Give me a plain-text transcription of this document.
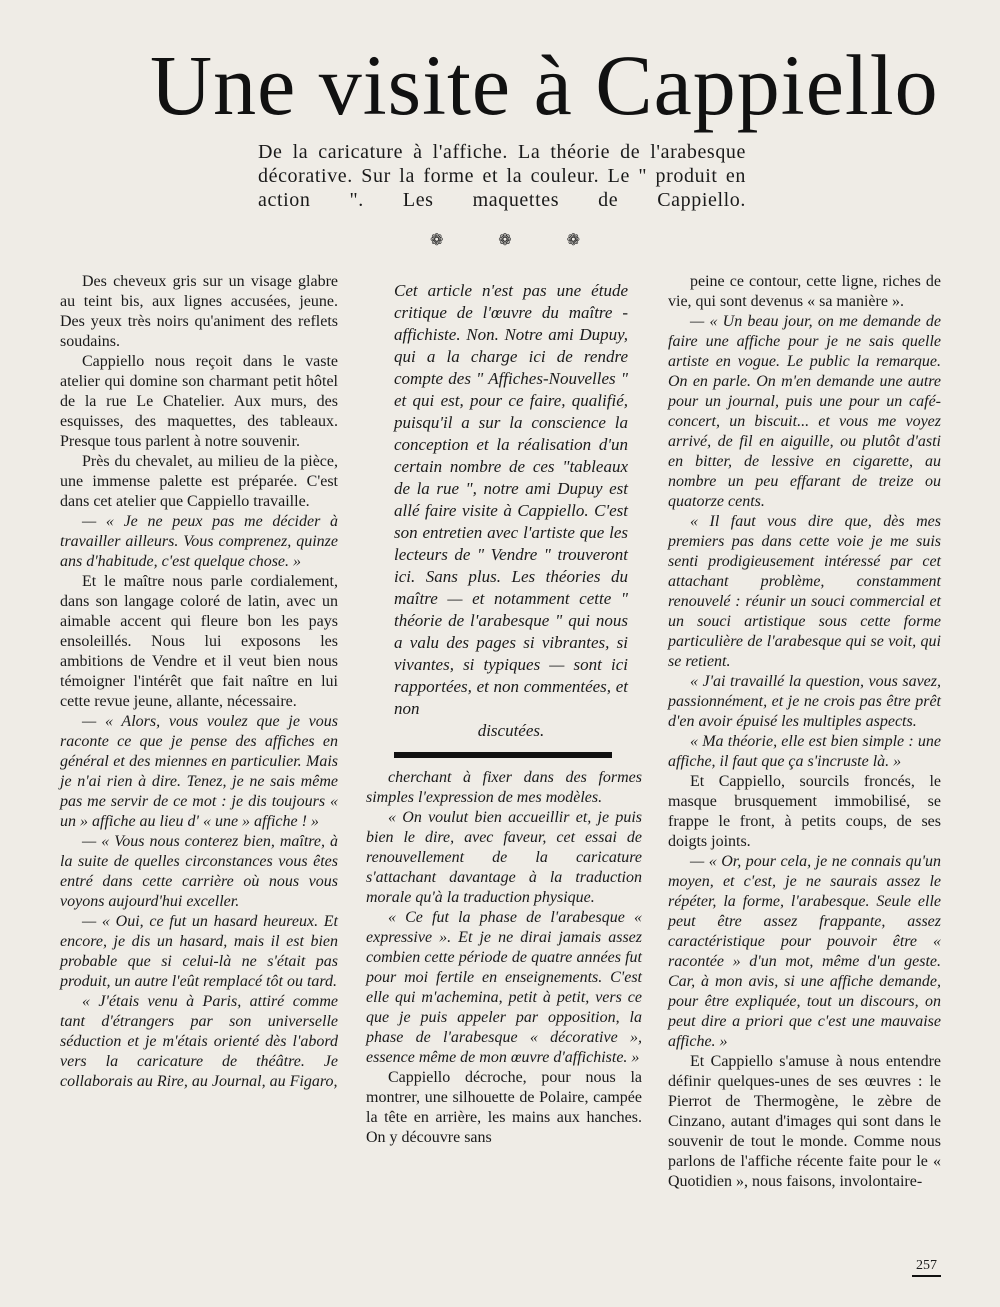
Une visite à Cappiello
De la caricature à l'affiche. La théorie de l'arabesque décorative. Sur la forme et la couleur. Le " produit en action ". Les maquettes de Cappiello.
❁	❁	❁

Des cheveux gris sur un visage glabre au teint bis, aux lignes accusées, jeune. Des yeux très noirs qu'animent des reflets soudains.

Cappiello nous reçoit dans le vaste atelier qui domine son charmant petit hôtel de la rue Le Chatelier. Aux murs, des esquisses, des maquettes, des tableaux. Presque tous parlent à notre souvenir.

Près du chevalet, au milieu de la pièce, une immense palette est préparée. C'est dans cet atelier que Cappiello travaille.

— « Je ne peux pas me décider à travailler ailleurs. Vous comprenez, quinze ans d'habitude, c'est quelque chose. »

Et le maître nous parle cordialement, dans son langage coloré de latin, avec un aimable accent qui fleure bon les pays ensoleillés. Nous lui exposons les ambitions de Vendre et il veut bien nous témoigner l'intérêt que fait naître en lui cette revue jeune, allante, nécessaire.

— « Alors, vous voulez que je vous raconte ce que je pense des affiches en général et des miennes en particulier. Mais je n'ai rien à dire. Tenez, je ne sais même pas me servir de ce mot : je dis toujours « un » affiche au lieu d' « une » affiche ! »

— « Vous nous conterez bien, maître, à la suite de quelles circonstances vous êtes entré dans cette carrière où nous vous voyons aujourd'hui exceller.

— « Oui, ce fut un hasard heureux. Et encore, je dis un hasard, mais il est bien probable que si celui-là ne s'était pas produit, un autre l'eût remplacé tôt ou tard.

« J'étais venu à Paris, attiré comme tant d'étrangers par son universelle séduction et je m'étais orienté dès l'abord vers la caricature de théâtre. Je collaborais au Rire, au Journal, au Figaro,

Cet article n'est pas une étude critique de l'œuvre du maître - affichiste. Non. Notre ami Dupuy, qui a la charge ici de rendre compte des " Affiches-Nouvelles " et qui est, pour ce faire, qualifié, puisqu'il a sur la conscience la conception et la réalisation d'un certain nombre de ces "tableaux de la rue ", notre ami Dupuy est allé faire visite à Cappiello. C'est son entretien avec l'artiste que les lecteurs de " Vendre " trouveront ici. Sans plus. Les théories du maître — et notamment cette " théorie de l'arabesque " qui nous a valu des pages si vibrantes, si vivantes, si typiques — sont ici rapportées, et non commentées, et non
discutées.

cherchant à fixer dans des formes simples l'expression de mes modèles.

« On voulut bien accueillir et, je puis bien le dire, avec faveur, cet essai de renouvellement de la caricature s'attachant davantage à la traduction morale qu'à la traduction physique.

« Ce fut la phase de l'arabesque « expressive ». Et je ne dirai jamais assez combien cette période de quatre années fut pour moi fertile en enseignements. C'est elle qui m'achemina, petit à petit, vers ce que je puis appeler par opposition, la phase de l'arabesque « décorative », essence même de mon œuvre d'affichiste. »

Cappiello décroche, pour nous la montrer, une silhouette de Polaire, campée la tête en arrière, les mains aux hanches. On y découvre sans

peine ce contour, cette ligne, riches de vie, qui sont devenus « sa manière ».

— « Un beau jour, on me demande de faire une affiche pour je ne sais quelle artiste en vogue. Le public la remarque. On en parle. On m'en demande une autre pour un journal, puis une pour un café-concert, un biscuit... et vous me voyez arrivé, de fil en aiguille, ou plutôt d'asti en bitter, de lessive en cigarette, au nombre un peu effarant de treize ou quatorze cents.

« Il faut vous dire que, dès mes premiers pas dans cette voie je me suis senti prodigieusement intéressé par cet attachant problème, constamment renouvelé : réunir un souci commercial et un souci artistique sous cette forme particulière de l'arabesque qui se voit, qui se retient.

« J'ai travaillé la question, vous savez, passionnément, et je ne crois pas être prêt d'en avoir épuisé les multiples aspects.

« Ma théorie, elle est bien simple : une affiche, il faut que ça s'incruste là. »

Et Cappiello, sourcils froncés, le masque brusquement immobilisé, se frappe le front, à petits coups, de ses doigts joints.

— « Or, pour cela, je ne connais qu'un moyen, et c'est, je ne saurais assez le répéter, la forme, l'arabesque. Seule elle peut être assez frappante, assez caractéristique pour pouvoir être « racontée » d'un mot, même d'un geste. Car, à mon avis, si une affiche demande, pour être expliquée, tout un discours, on peut dire a priori que c'est une mauvaise affiche. »

Et Cappiello s'amuse à nous entendre définir quelques-unes de ses œuvres : le Pierrot de Thermogène, le zèbre de Cinzano, autant d'images qui sont dans le souvenir de tout le monde. Comme nous parlons de l'affiche récente faite pour le « Quotidien », nous faisons, involontaire-

257
